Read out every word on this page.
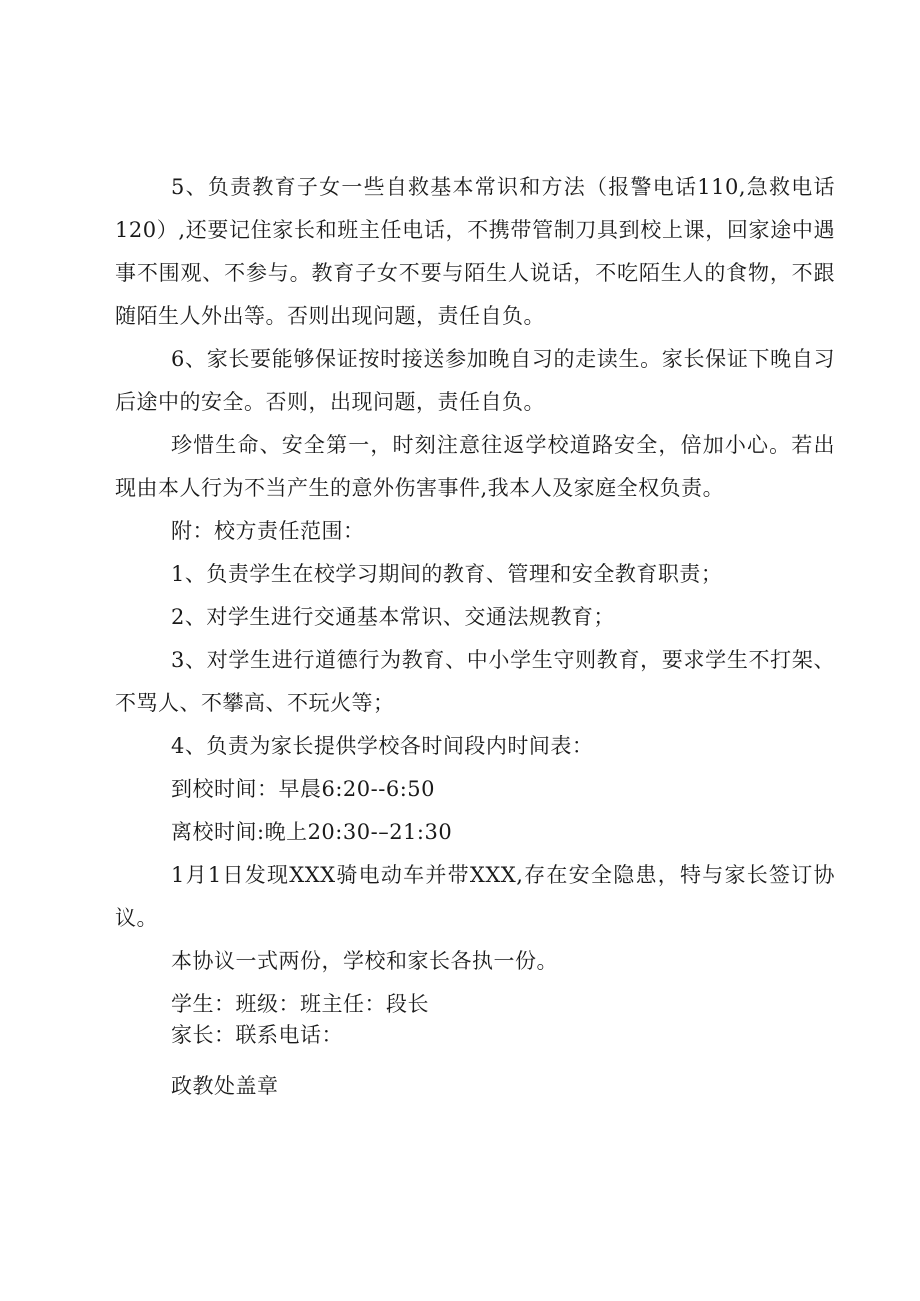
5、负责教育子女一些自救基本常识和方法（报警电话110,急救电话120）,还要记住家长和班主任电话，不携带管制刀具到校上课，回家途中遇事不围观、不参与。教育子女不要与陌生人说话，不吃陌生人的食物，不跟随陌生人外出等。否则出现问题，责任自负。

6、家长要能够保证按时接送参加晚自习的走读生。家长保证下晚自习后途中的安全。否则，出现问题，责任自负。

珍惜生命、安全第一，时刻注意往返学校道路安全，倍加小心。若出现由本人行为不当产生的意外伤害事件,我本人及家庭全权负责。

附：校方责任范围：

1、负责学生在校学习期间的教育、管理和安全教育职责；

2、对学生进行交通基本常识、交通法规教育；

3、对学生进行道德行为教育、中小学生守则教育，要求学生不打架、不骂人、不攀高、不玩火等；

4、负责为家长提供学校各时间段内时间表：

到校时间：早晨6:20--6:50

离校时间:晚上20:30-–21:30

1月1日发现XXX骑电动车并带XXX,存在安全隐患，特与家长签订协议。

本协议一式两份，学校和家长各执一份。

学生：班级：班主任：段长

家长：联系电话：

政教处盖章
